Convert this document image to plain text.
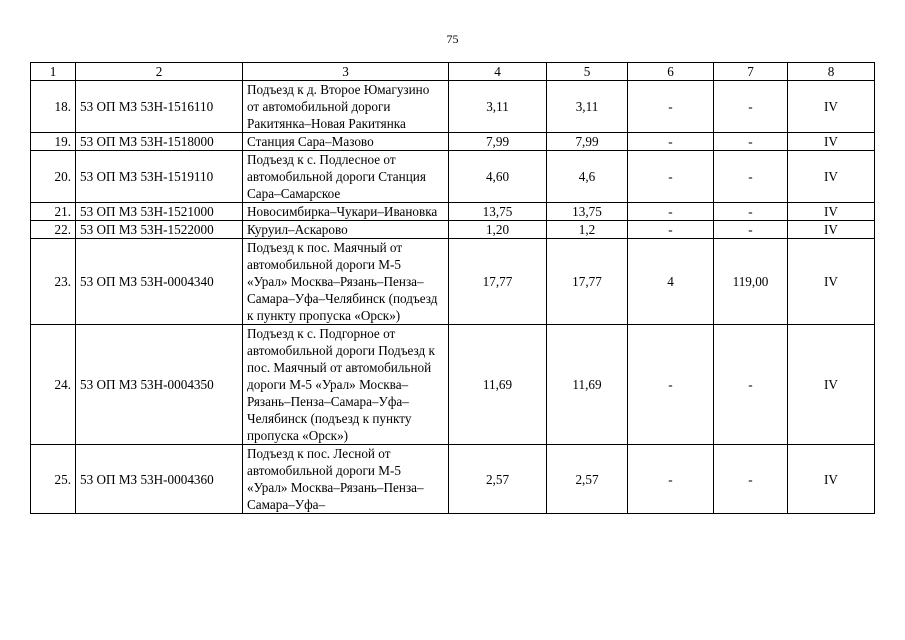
75
1	2	3	4	5	6	7	8
18.	53 ОП МЗ 53Н-1516110	Подъезд к д. Второе Юмагузино от автомобильной дороги Ракитянка–Новая Ракитянка	3,11	3,11	-	-	IV
19.	53 ОП МЗ 53Н-1518000	Станция Сара–Мазово	7,99	7,99	-	-	IV
20.	53 ОП МЗ 53Н-1519110	Подъезд к с. Подлесное от автомобильной дороги Станция Сара–Самарское	4,60	4,6	-	-	IV
21.	53 ОП МЗ 53Н-1521000	Новосимбирка–Чукари–Ивановка	13,75	13,75	-	-	IV
22.	53 ОП МЗ 53Н-1522000	Куруил–Аскарово	1,20	1,2	-	-	IV
23.	53 ОП МЗ 53Н-0004340	Подъезд к пос. Маячный от автомобильной дороги М-5 «Урал» Москва–Рязань–Пенза–Самара–Уфа–Челябинск (подъезд к пункту пропуска «Орск»)	17,77	17,77	4	119,00	IV
24.	53 ОП МЗ 53Н-0004350	Подъезд к с. Подгорное от автомобильной дороги Подъезд к пос. Маячный от автомобильной дороги М-5 «Урал» Москва–Рязань–Пенза–Самара–Уфа–Челябинск (подъезд к пункту пропуска «Орск»)	11,69	11,69	-	-	IV
25.	53 ОП МЗ 53Н-0004360	Подъезд к пос. Лесной от автомобильной дороги М-5 «Урал» Москва–Рязань–Пенза–Самара–Уфа–	2,57	2,57	-	-	IV
